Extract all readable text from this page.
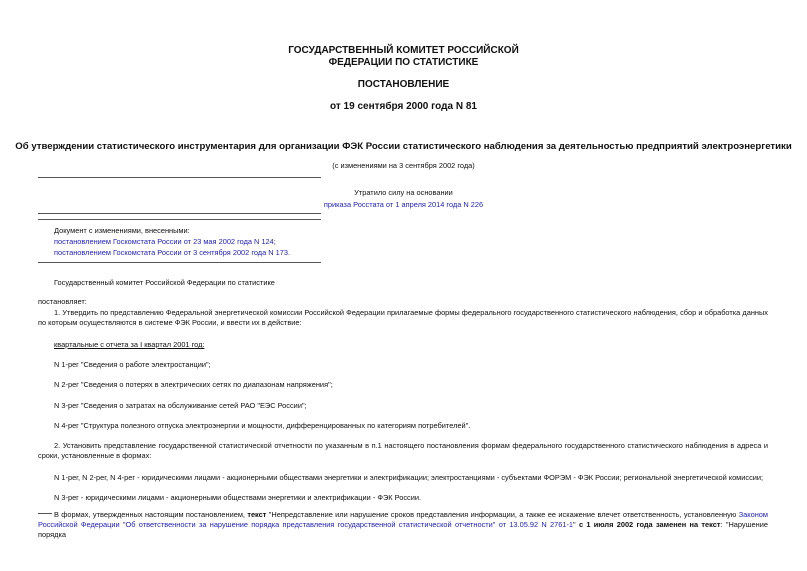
ГОСУДАРСТВЕННЫЙ КОМИТЕТ РОССИЙСКОЙ
ФЕДЕРАЦИИ ПО СТАТИСТИКЕ
ПОСТАНОВЛЕНИЕ
от 19 сентября 2000 года N 81
Об утверждении статистического инструментария для организации ФЭК России статистического наблюдения за деятельностью предприятий электроэнергетики
(с изменениями на 3 сентября 2002 года)
Утратило силу на основании
приказа Росстата от 1 апреля 2014 года N 226
Документ с изменениями, внесенными:
постановлением Госкомстата России от 23 мая 2002 года N 124;
постановлением Госкомстата России от 3 сентября 2002 года N 173.
Государственный комитет Российской Федерации по статистике
постановляет:
1. Утвердить по представлению Федеральной энергетической комиссии Российской Федерации прилагаемые формы федерального государственного статистического наблюдения, сбор и обработка данных по которым осуществляются в системе ФЭК России, и ввести их в действие:
квартальные с отчета за I квартал 2001 год:
N 1-рег "Сведения о работе электростанции";
N 2-рег "Сведения о потерях в электрических сетях по диапазонам напряжения";
N 3-рег "Сведения о затратах на обслуживание сетей РАО "ЕЭС России";
N 4-рег "Структура полезного отпуска электроэнергии и мощности, дифференцированных по категориям потребителей".
2. Установить представление государственной статистической отчетности по указанным в п.1 настоящего постановления формам федерального государственного статистического наблюдения в адреса и сроки, установленные в формах:
N 1-рег, N 2-рег, N 4-рег - юридическими лицами - акционерными обществами энергетики и электрификации; электростанциями - субъектами ФОРЭМ - ФЭК России; региональной энергетической комиссии;
N 3-рег - юридическими лицами - акционерными обществами энергетики и электрификации - ФЭК России.
В формах, утвержденных настоящим постановлением, текст "Непредставление или нарушение сроков представления информации, а также ее искажение влечет ответственность, установленную Законом Российской Федерации "Об ответственности за нарушение порядка представления государственной статистической отчетности" от 13.05.92 N 2761-1" с 1 июля 2002 года заменен на текст: "Нарушение порядка
